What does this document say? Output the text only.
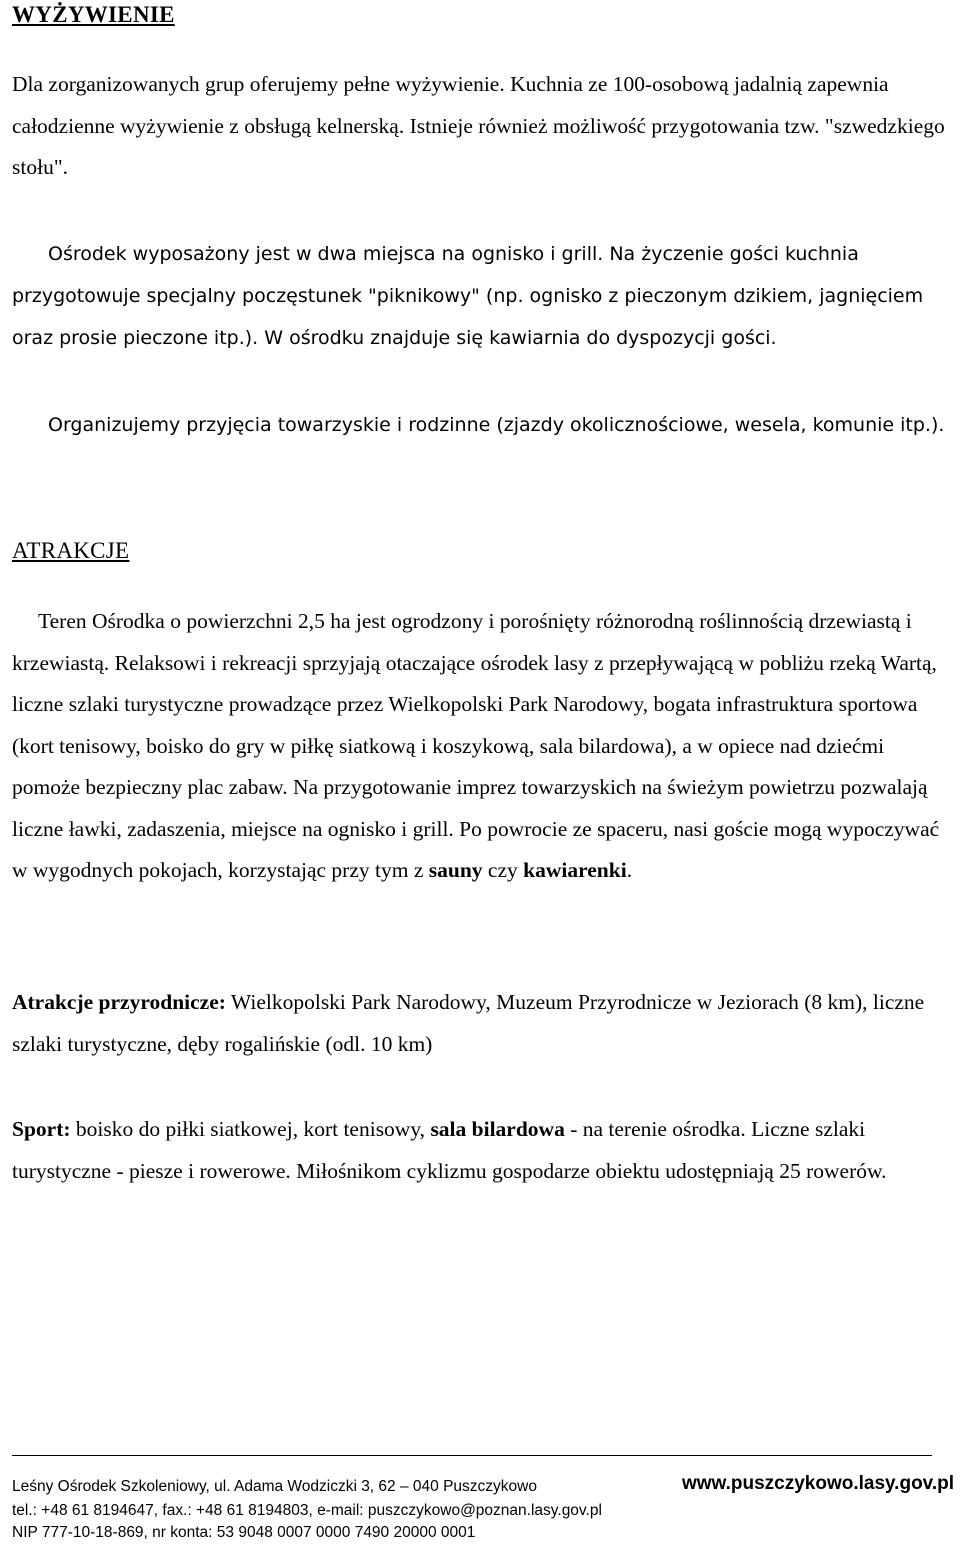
WYŻYWIENIE

Dla zorganizowanych grup oferujemy pełne wyżywienie. Kuchnia ze 100-osobową jadalnią zapewnia całodzienne wyżywienie z obsługą kelnerską. Istnieje również możliwość przygotowania tzw. "szwedzkiego stołu".

Ośrodek wyposażony jest w dwa miejsca na ognisko i grill. Na życzenie gości kuchnia przygotowuje specjalny poczęstunek "piknikowy" (np. ognisko z pieczonym dzikiem, jagnięciem oraz prosie pieczone itp.). W ośrodku znajduje się kawiarnia do dyspozycji gości.

Organizujemy przyjęcia towarzyskie i rodzinne (zjazdy okolicznościowe, wesela, komunie itp.).

ATRAKCJE

Teren Ośrodka o powierzchni 2,5 ha jest ogrodzony i porośnięty różnorodną roślinnością drzewiastą i krzewiastą. Relaksowi i rekreacji sprzyjają otaczające ośrodek lasy z przepływającą w pobliżu rzeką Wartą, liczne szlaki turystyczne prowadzące przez Wielkopolski Park Narodowy, bogata infrastruktura sportowa (kort tenisowy, boisko do gry w piłkę siatkową i koszykową, sala bilardowa), a w opiece nad dziećmi pomoże bezpieczny plac zabaw. Na przygotowanie imprez towarzyskich na świeżym powietrzu pozwalają liczne ławki, zadaszenia, miejsce na ognisko i grill. Po powrocie ze spaceru, nasi goście mogą wypoczywać w wygodnych pokojach, korzystając przy tym z sauny czy kawiarenki.

Atrakcje przyrodnicze: Wielkopolski Park Narodowy, Muzeum Przyrodnicze w Jeziorach (8 km), liczne szlaki turystyczne, dęby rogalińskie (odl. 10 km)

Sport: boisko do piłki siatkowej, kort tenisowy, sala bilardowa - na terenie ośrodka. Liczne szlaki turystyczne - piesze i rowerowe. Miłośnikom cyklizmu gospodarze obiektu udostępniają 25 rowerów.

Leśny Ośrodek Szkoleniowy, ul. Adama Wodziczki 3, 62 – 040 Puszczykowo	www.puszczykowo.lasy.gov.pl

tel.: +48 61 8194647, fax.: +48 61 8194803, e-mail: puszczykowo@poznan.lasy.gov.pl

NIP 777-10-18-869, nr konta: 53 9048 0007 0000 7490 20000 0001
